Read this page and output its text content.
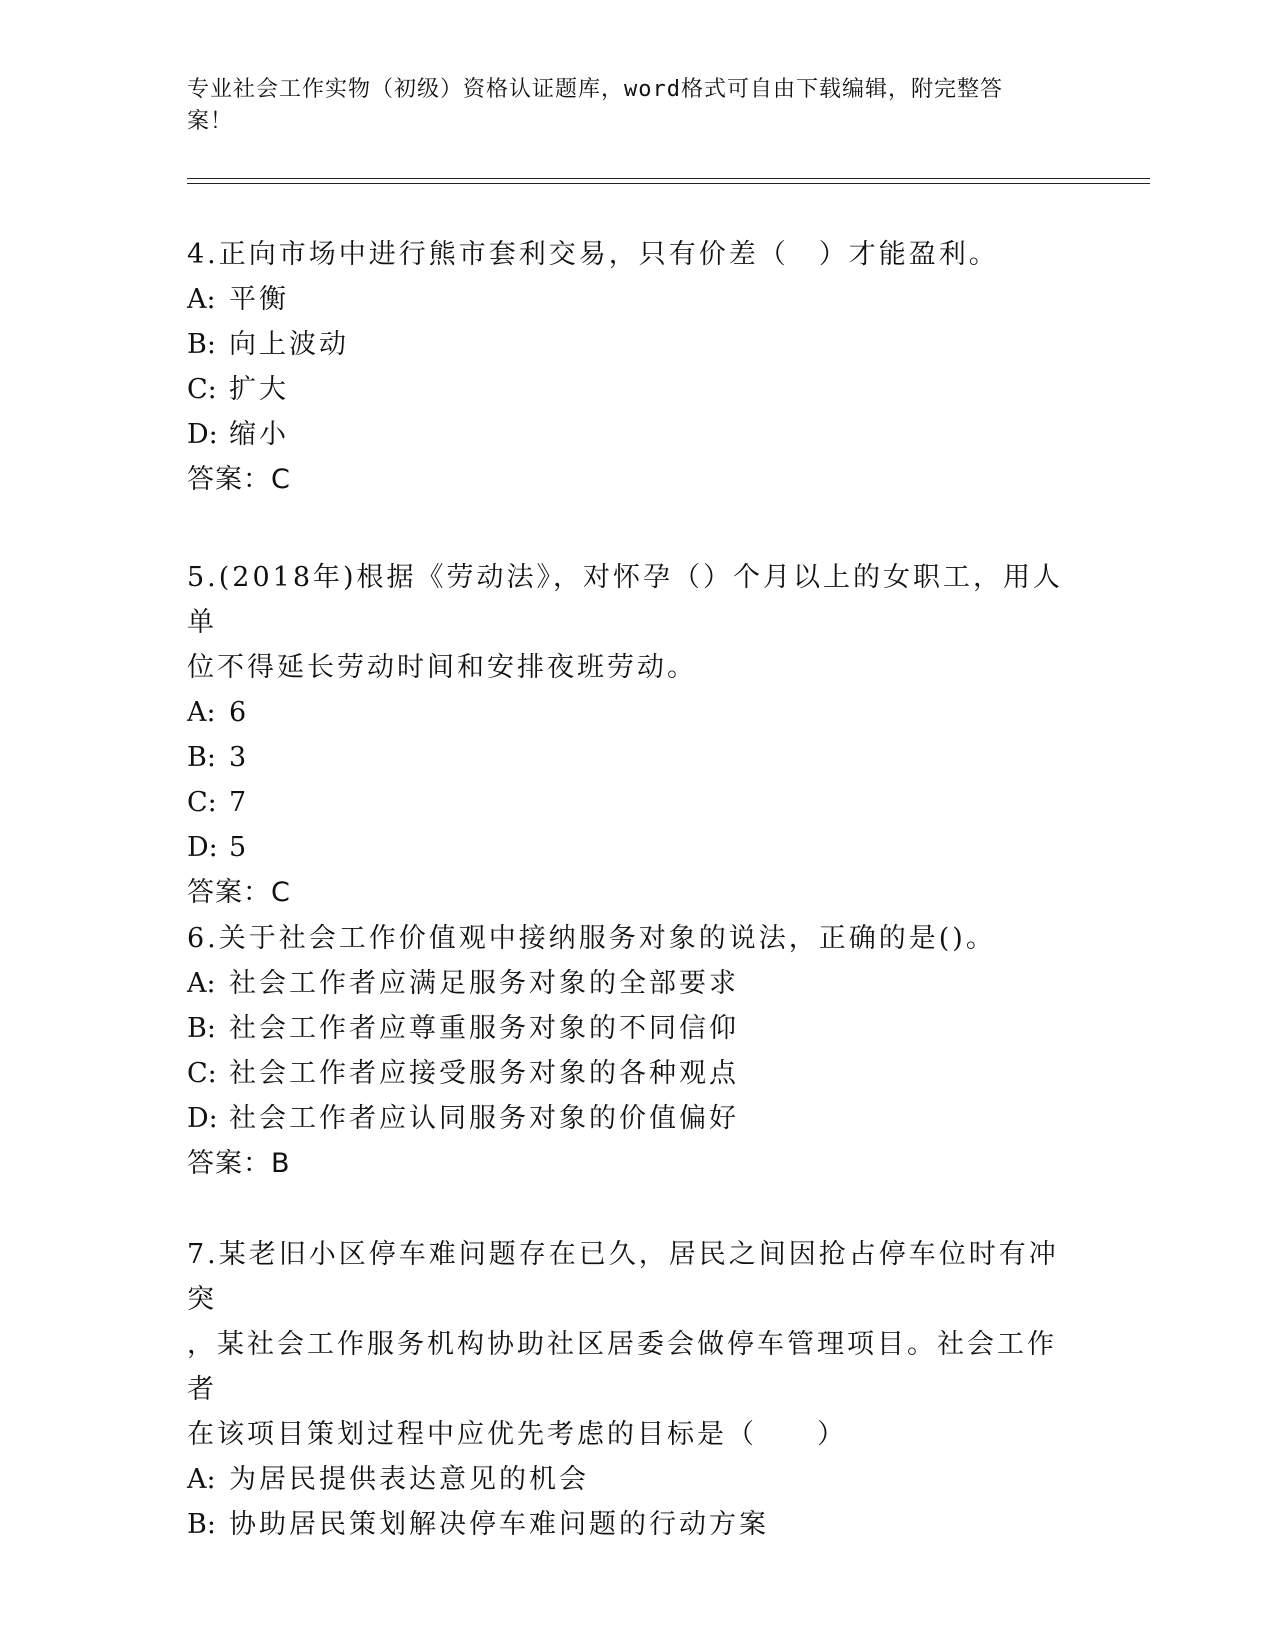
专业社会工作实物（初级）资格认证题库，word格式可自由下载编辑，附完整答
案！

4.正向市场中进行熊市套利交易，只有价差（　）才能盈利。

A: 平衡

B: 向上波动

C: 扩大

D: 缩小

答案：C

5.(2018年)根据《劳动法》，对怀孕（）个月以上的女职工，用人单

位不得延长劳动时间和安排夜班劳动。

A: 6

B: 3

C: 7

D: 5

答案：C

6.关于社会工作价值观中接纳服务对象的说法，正确的是()。

A: 社会工作者应满足服务对象的全部要求

B: 社会工作者应尊重服务对象的不同信仰

C: 社会工作者应接受服务对象的各种观点

D: 社会工作者应认同服务对象的价值偏好

答案：B

7.某老旧小区停车难问题存在已久，居民之间因抢占停车位时有冲突

，某社会工作服务机构协助社区居委会做停车管理项目。社会工作者

在该项目策划过程中应优先考虑的目标是（　　）

A: 为居民提供表达意见的机会

B: 协助居民策划解决停车难问题的行动方案
